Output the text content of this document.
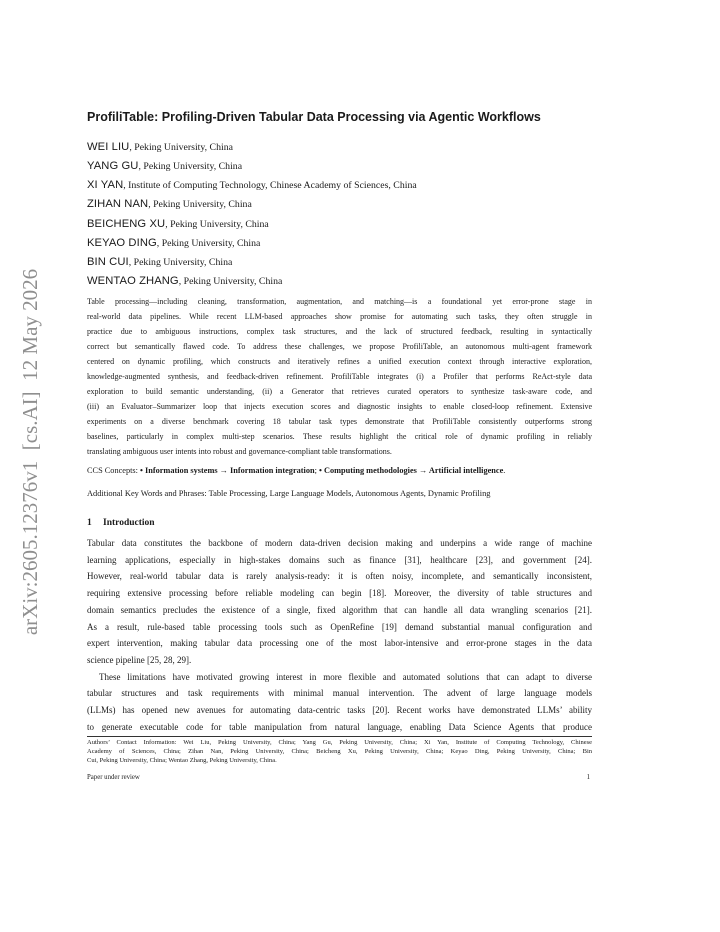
arXiv:2605.12376v1  [cs.AI]  12 May 2026
ProfiliTable: Profiling-Driven Tabular Data Processing via Agentic Workflows
WEI LIU, Peking University, China
YANG GU, Peking University, China
XI YAN, Institute of Computing Technology, Chinese Academy of Sciences, China
ZIHAN NAN, Peking University, China
BEICHENG XU, Peking University, China
KEYAO DING, Peking University, China
BIN CUI, Peking University, China
WENTAO ZHANG, Peking University, China
Table processing—including cleaning, transformation, augmentation, and matching—is a foundational yet error-prone stage in
real-world data pipelines. While recent LLM-based approaches show promise for automating such tasks, they often struggle in
practice due to ambiguous instructions, complex task structures, and the lack of structured feedback, resulting in syntactically
correct but semantically flawed code. To address these challenges, we propose ProfiliTable, an autonomous multi-agent framework
centered on dynamic profiling, which constructs and iteratively refines a unified execution context through interactive exploration,
knowledge-augmented synthesis, and feedback-driven refinement. ProfiliTable integrates (i) a Profiler that performs ReAct-style data
exploration to build semantic understanding, (ii) a Generator that retrieves curated operators to synthesize task-aware code, and
(iii) an Evaluator–Summarizer loop that injects execution scores and diagnostic insights to enable closed-loop refinement. Extensive
experiments on a diverse benchmark covering 18 tabular task types demonstrate that ProfiliTable consistently outperforms strong
baselines, particularly in complex multi-step scenarios. These results highlight the critical role of dynamic profiling in reliably
translating ambiguous user intents into robust and governance-compliant table transformations.
CCS Concepts: • Information systems → Information integration; • Computing methodologies → Artificial intelligence.
Additional Key Words and Phrases: Table Processing, Large Language Models, Autonomous Agents, Dynamic Profiling
1 Introduction
Tabular data constitutes the backbone of modern data-driven decision making and underpins a wide range of machine
learning applications, especially in high-stakes domains such as finance [31], healthcare [23], and government [24].
However, real-world tabular data is rarely analysis-ready: it is often noisy, incomplete, and semantically inconsistent,
requiring extensive processing before reliable modeling can begin [18]. Moreover, the diversity of table structures and
domain semantics precludes the existence of a single, fixed algorithm that can handle all data wrangling scenarios [21].
As a result, rule-based table processing tools such as OpenRefine [19] demand substantial manual configuration and
expert intervention, making tabular data processing one of the most labor-intensive and error-prone stages in the data
science pipeline [25, 28, 29].
These limitations have motivated growing interest in more flexible and automated solutions that can adapt to diverse
tabular structures and task requirements with minimal manual intervention. The advent of large language models
(LLMs) has opened new avenues for automating data-centric tasks [20]. Recent works have demonstrated LLMs’ ability
to generate executable code for table manipulation from natural language, enabling Data Science Agents that produce
Authors’ Contact Information: Wei Liu, Peking University, China; Yang Gu, Peking University, China; Xi Yan, Institute of Computing Technology, Chinese
Academy of Sciences, China; Zihan Nan, Peking University, China; Beicheng Xu, Peking University, China; Keyao Ding, Peking University, China; Bin
Cui, Peking University, China; Wentao Zhang, Peking University, China.
Paper under review	1
